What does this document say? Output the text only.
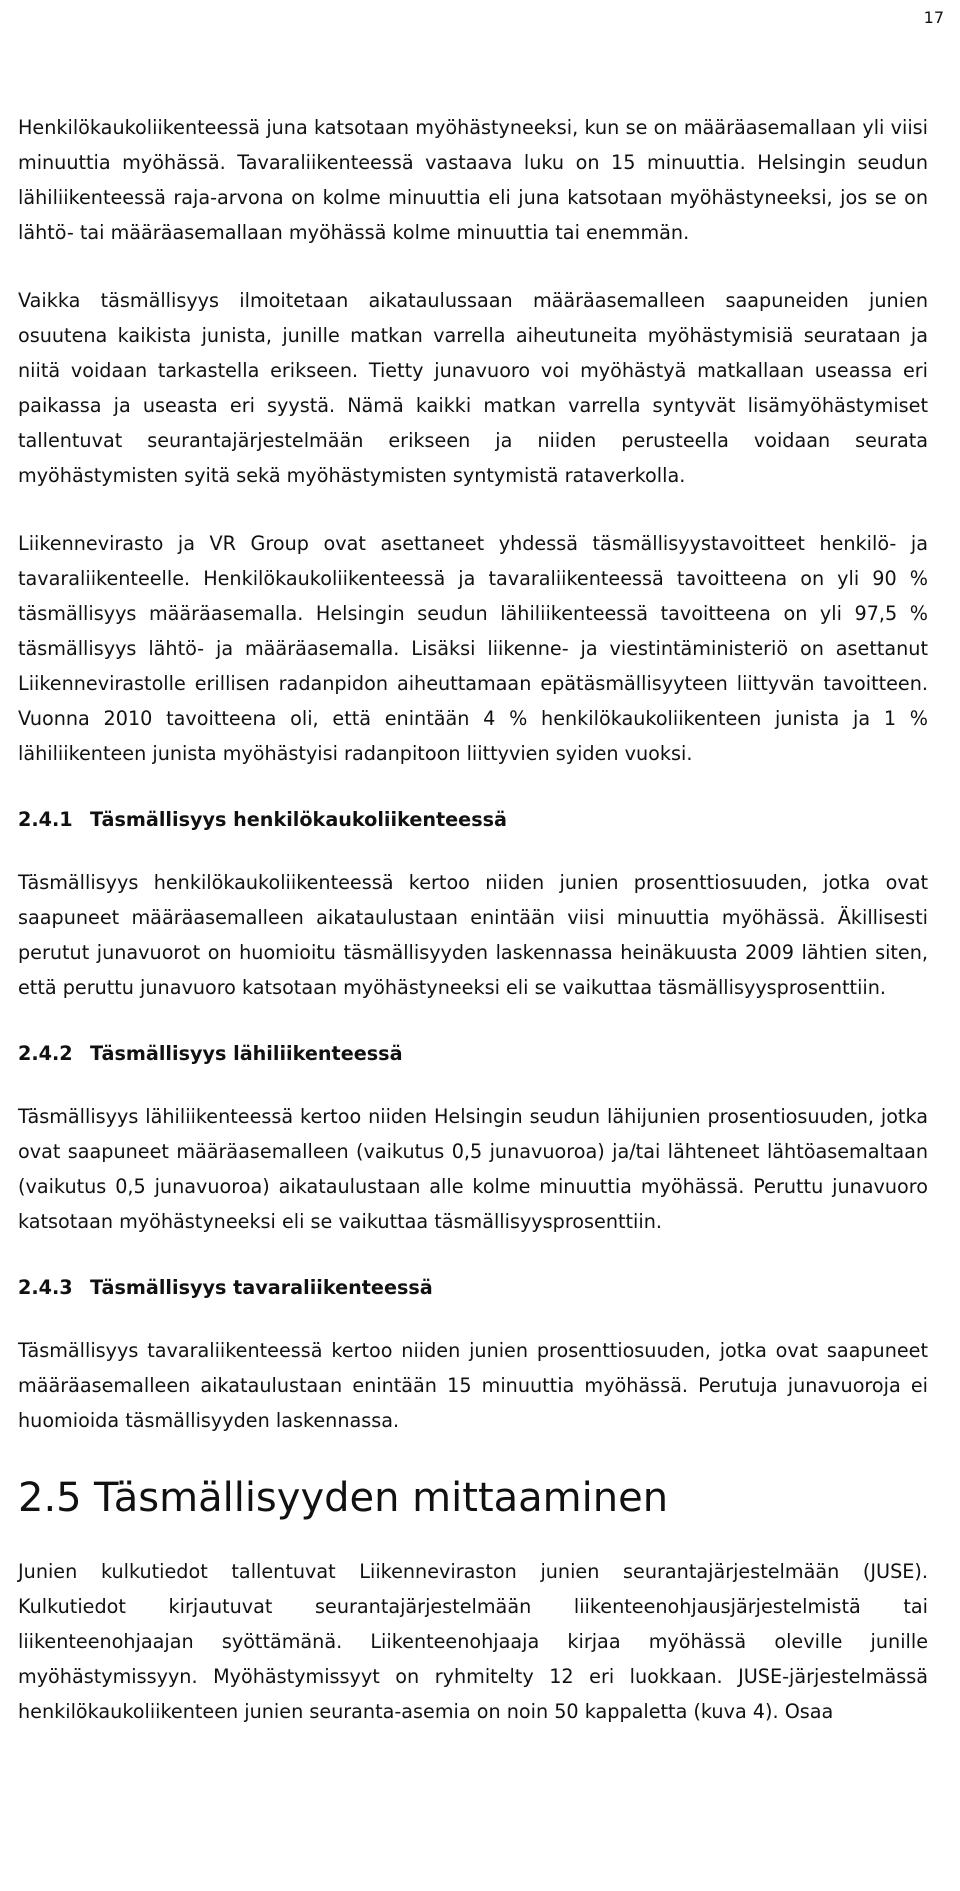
17

Henkilökaukoliikenteessä juna katsotaan myöhästyneeksi, kun se on määräasemallaan yli viisi minuuttia myöhässä. Tavaraliikenteessä vastaava luku on 15 minuuttia. Helsingin seudun lähiliikenteessä raja-arvona on kolme minuuttia eli juna katsotaan myöhästyneeksi, jos se on lähtö- tai määräasemallaan myöhässä kolme minuuttia tai enemmän.

Vaikka täsmällisyys ilmoitetaan aikataulussaan määräasemalleen saapuneiden junien osuutena kaikista junista, junille matkan varrella aiheutuneita myöhästymisiä seurataan ja niitä voidaan tarkastella erikseen. Tietty junavuoro voi myöhästyä matkallaan useassa eri paikassa ja useasta eri syystä. Nämä kaikki matkan varrella syntyvät lisämyöhästymiset tallentuvat seurantajärjestelmään erikseen ja niiden perusteella voidaan seurata myöhästymisten syitä sekä myöhästymisten syntymistä rataverkolla.

Liikennevirasto ja VR Group ovat asettaneet yhdessä täsmällisyystavoitteet henkilö- ja tavaraliikenteelle. Henkilökaukoliikenteessä ja tavaraliikenteessä tavoitteena on yli 90 % täsmällisyys määräasemalla. Helsingin seudun lähiliikenteessä tavoitteena on yli 97,5 % täsmällisyys lähtö- ja määräasemalla. Lisäksi liikenne- ja viestintäministeriö on asettanut Liikennevirastolle erillisen radanpidon aiheuttamaan epätäsmällisyyteen liittyvän tavoitteen. Vuonna 2010 tavoitteena oli, että enintään 4 % henkilökaukoliikenteen junista ja 1 % lähiliikenteen junista myöhästyisi radanpitoon liittyvien syiden vuoksi.

2.4.1 Täsmällisyys henkilökaukoliikenteessä

Täsmällisyys henkilökaukoliikenteessä kertoo niiden junien prosenttiosuuden, jotka ovat saapuneet määräasemalleen aikataulustaan enintään viisi minuuttia myöhässä. Äkillisesti perutut junavuorot on huomioitu täsmällisyyden laskennassa heinäkuusta 2009 lähtien siten, että peruttu junavuoro katsotaan myöhästyneeksi eli se vaikuttaa täsmällisyysprosenttiin.

2.4.2 Täsmällisyys lähiliikenteessä

Täsmällisyys lähiliikenteessä kertoo niiden Helsingin seudun lähijunien prosentiosuuden, jotka ovat saapuneet määräasemalleen (vaikutus 0,5 junavuoroa) ja/tai lähteneet lähtöasemaltaan (vaikutus 0,5 junavuoroa) aikataulustaan alle kolme minuuttia myöhässä. Peruttu junavuoro katsotaan myöhästyneeksi eli se vaikuttaa täsmällisyysprosenttiin.

2.4.3 Täsmällisyys tavaraliikenteessä

Täsmällisyys tavaraliikenteessä kertoo niiden junien prosenttiosuuden, jotka ovat saapuneet määräasemalleen aikataulustaan enintään 15 minuuttia myöhässä. Perutuja junavuoroja ei huomioida täsmällisyyden laskennassa.

2.5 Täsmällisyyden mittaaminen

Junien kulkutiedot tallentuvat Liikenneviraston junien seurantajärjestelmään (JUSE). Kulkutiedot kirjautuvat seurantajärjestelmään liikenteenohjausjärjestelmistä tai liikenteenohjaajan syöttämänä. Liikenteenohjaaja kirjaa myöhässä oleville junille myöhästymissyyn. Myöhästymissyyt on ryhmitelty 12 eri luokkaan. JUSE-järjestelmässä henkilökaukoliikenteen junien seuranta-asemia on noin 50 kappaletta (kuva 4). Osaa
